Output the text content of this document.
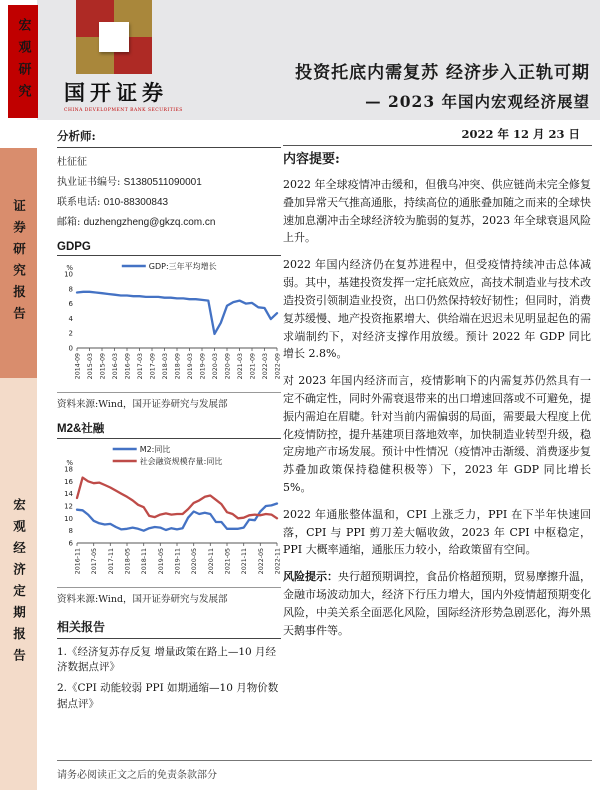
宏观研究
证券研究报告
宏观经济定期报告
国开证券
CHINA DEVELOPMENT BANK SECURITIES
投资托底内需复苏 经济步入正轨可期
— 2023 年国内宏观经济展望
2022 年 12 月 23 日
分析师:
杜征征
执业证书编号: S1380511090001
联系电话: 010-88300843
邮箱: duzhengzheng@gkzq.com.cn
GDPG
GDP:三年平均增长
%
0
2
4
6
8
10
2014-09 2015-03 2015-09 2016-03 2016-09 2017-03 2017-09 2018-03 2018-09 2019-03 2019-09 2020-03 2020-09 2021-03 2021-09 2022-03 2022-09
资料来源:Wind，国开证券研究与发展部
M2&社融
M2:同比
社会融资规模存量:同比
%
6
8
10
12
14
16
18
2016-11 2017-05 2017-11 2018-05 2018-11 2019-05 2019-11 2020-05 2020-11 2021-05 2021-11 2022-05 2022-11
资料来源:Wind，国开证券研究与发展部
相关报告
1.《经济复苏存反复 增量政策在路上—10 月经济数据点评》
2.《CPI 动能较弱 PPI 如期通缩—10 月物价数据点评》
内容提要:
2022 年全球疫情冲击缓和，但俄乌冲突、供应链尚未完全修复叠加异常天气推高通胀，持续高位的通胀叠加随之而来的全球快速加息潮冲击全球经济较为脆弱的复苏，2023 年全球衰退风险上升。
2022 年国内经济仍在复苏进程中，但受疫情持续冲击总体减弱。其中，基建投资发挥一定托底效应，高技术制造业与技术改造投资引领制造业投资，出口仍然保持较好韧性；但同时，消费复苏缓慢、地产投资拖累增大、供给端在迟迟未见明显起色的需求端制约下，对经济支撑作用放缓。预计 2022 年 GDP 同比增长 2.8%。
对 2023 年国内经济而言，疫情影响下的内需复苏仍然具有一定不确定性，同时外需衰退带来的出口增速回落或不可避免，提振内需迫在眉睫。针对当前内需偏弱的局面，需要最大程度上优化疫情防控，提升基建项目落地效率，加快制造业转型升级，稳定房地产市场发展。预计中性情况（疫情冲击渐缓、消费逐步复苏叠加政策保持稳健积极等）下，2023 年 GDP 同比增长 5%。
2022 年通胀整体温和，CPI 上涨乏力，PPI 在下半年快速回落，CPI 与 PPI 剪刀差大幅收敛，2023 年 CPI 中枢稳定，PPI 大概率通缩，通胀压力较小，给政策留有空间。
风险提示：央行超预期调控，食品价格超预期，贸易摩擦升温，金融市场波动加大，经济下行压力增大，国内外疫情超预期变化风险，中美关系全面恶化风险，国际经济形势急剧恶化，海外黑天鹅事件等。
请务必阅读正文之后的免责条款部分
